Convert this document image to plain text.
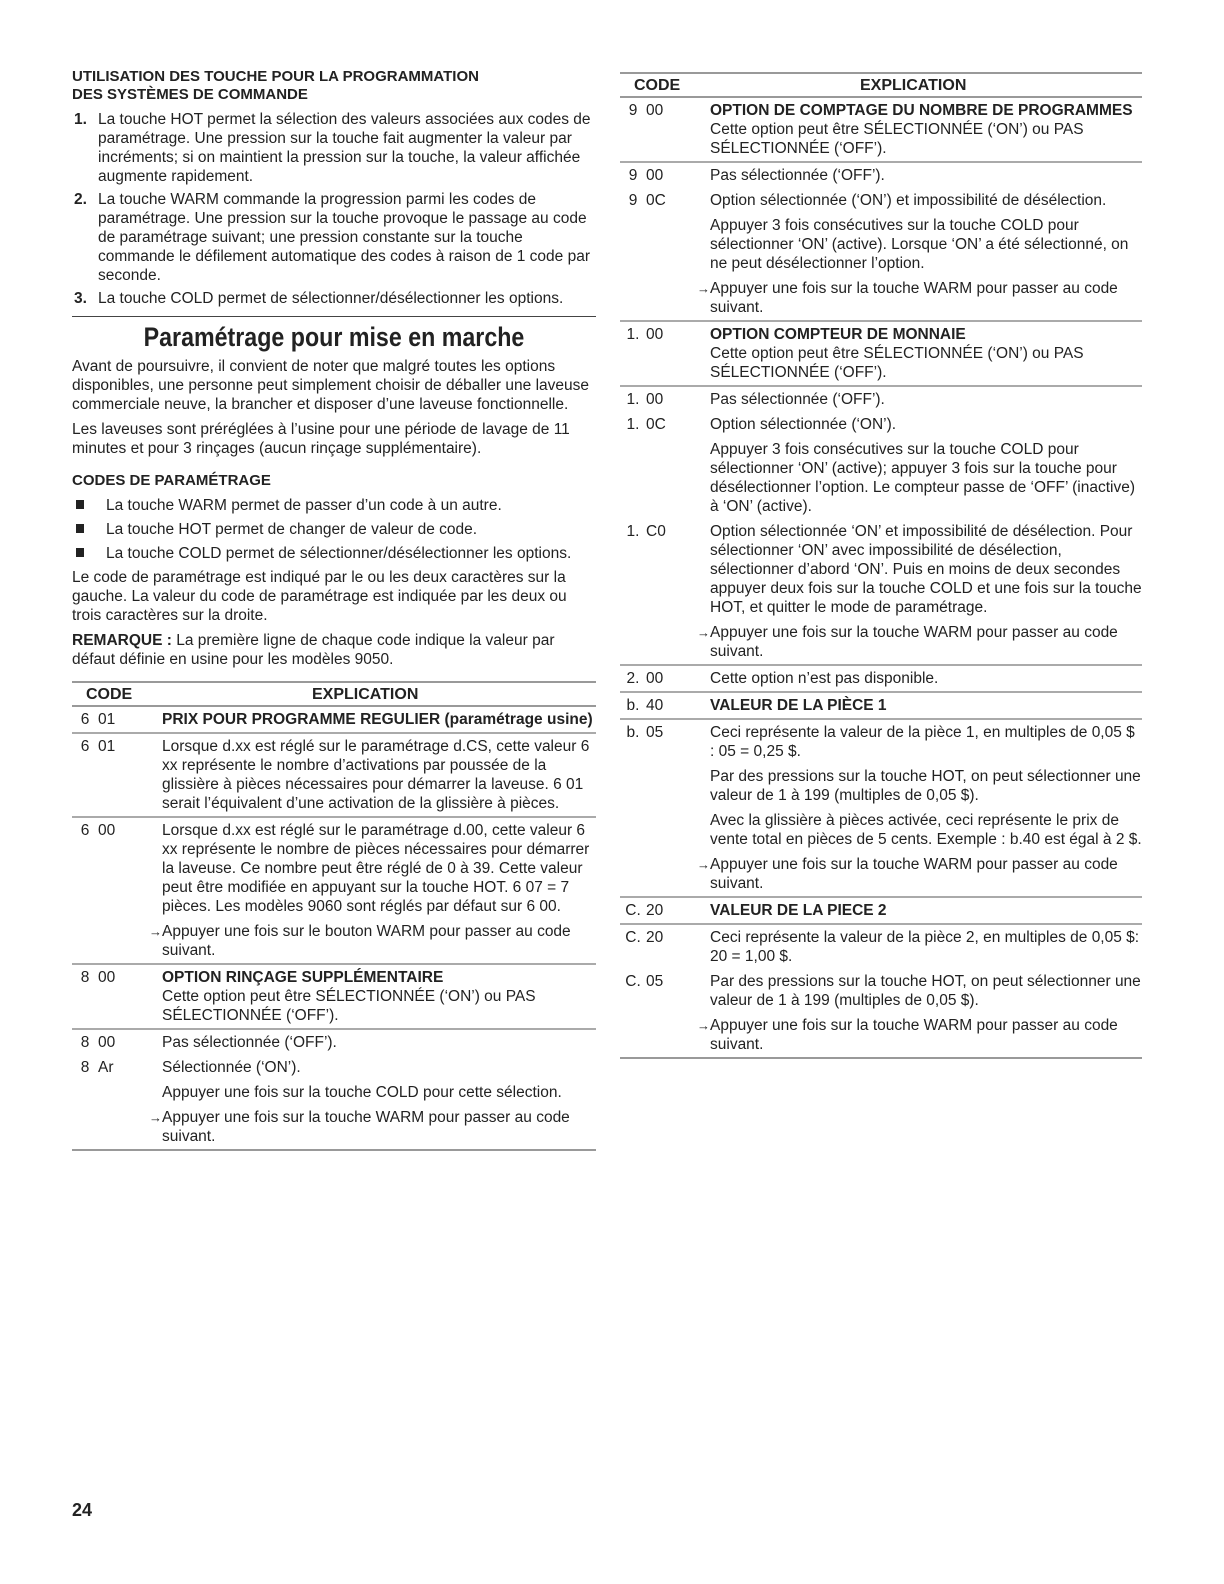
UTILISATION DES TOUCHE POUR LA PROGRAMMATION
DES SYSTÈMES DE COMMANDE
1. La touche HOT permet la sélection des valeurs associées aux codes de paramétrage. Une pression sur la touche fait augmenter la valeur par incréments; si on maintient la pression sur la touche, la valeur affichée augmente rapidement.
2. La touche WARM commande la progression parmi les codes de paramétrage. Une pression sur la touche provoque le passage au code de paramétrage suivant; une pression constante sur la touche commande le défilement automatique des codes à raison de 1 code par seconde.
3. La touche COLD permet de sélectionner/désélectionner les options.
Paramétrage pour mise en marche

Avant de poursuivre, il convient de noter que malgré toutes les options disponibles, une personne peut simplement choisir de déballer une laveuse commerciale neuve, la brancher et disposer d’une laveuse fonctionnelle.

Les laveuses sont préréglées à l’usine pour une période de lavage de 11 minutes et pour 3 rinçages (aucun rinçage supplémentaire).

CODES DE PARAMÉTRAGE
La touche WARM permet de passer d’un code à un autre.
La touche HOT permet de changer de valeur de code.
La touche COLD permet de sélectionner/désélectionner les options.

Le code de paramétrage est indiqué par le ou les deux caractères sur la gauche. La valeur du code de paramétrage est indiquée par les deux ou trois caractères sur la droite.

REMARQUE : La première ligne de chaque code indique la valeur par défaut définie en usine pour les modèles 9050.

CODE		EXPLICATION
6	01	PRIX POUR PROGRAMME REGULIER (paramétrage usine)

6	01	Lorsque d.xx est réglé sur le paramétrage d.CS, cette valeur 6 xx représente le nombre d’activations par poussée de la glissière à pièces nécessaires pour démarrer la laveuse. 6 01 serait l’équivalent d’une activation de la glissière à pièces.
6	00	Lorsque d.xx est réglé sur le paramétrage d.00, cette valeur 6 xx représente le nombre de pièces nécessaires pour démarrer la laveuse. Ce nombre peut être réglé de 0 à 39. Cette valeur peut être modifiée en appuyant sur la touche HOT. 6 07 = 7 pièces. Les modèles 9060 sont réglés par défaut sur 6 00.
	→	Appuyer une fois sur le bouton WARM pour passer au code suivant.
8	00	OPTION RINÇAGE SUPPLÉMENTAIRE
Cette option peut être SÉLECTIONNÉE (‘ON’) ou PAS SÉLECTIONNÉE (‘OFF’).
8	00	Pas sélectionnée (‘OFF’).
8	Ar	Sélectionnée (‘ON’).
		Appuyer une fois sur la touche COLD pour cette sélection.
	→	Appuyer une fois sur la touche WARM pour passer au code suivant.
CODE		EXPLICATION
9	00	OPTION DE COMPTAGE DU NOMBRE DE PROGRAMMES
Cette option peut être SÉLECTIONNÉE (‘ON’) ou PAS SÉLECTIONNÉE (‘OFF’).
9	00	Pas sélectionnée (‘OFF’).
9	0C	Option sélectionnée (‘ON’) et impossibilité de désélection.
		Appuyer 3 fois consécutives sur la touche COLD pour sélectionner ‘ON’ (active). Lorsque ‘ON’ a été sélectionné, on ne peut désélectionner l’option.
	→	Appuyer une fois sur la touche WARM pour passer au code suivant.
1.	00	OPTION COMPTEUR DE MONNAIE
Cette option peut être SÉLECTIONNÉE (‘ON’) ou PAS SÉLECTIONNÉE (‘OFF’).
1.	00	Pas sélectionnée (‘OFF’).
1.	0C	Option sélectionnée (‘ON’).
		Appuyer 3 fois consécutives sur la touche COLD pour sélectionner ‘ON’ (active); appuyer 3 fois sur la touche pour désélectionner l’option. Le compteur passe de ‘OFF’ (inactive) à ‘ON’ (active).
1.	C0	Option sélectionnée ‘ON’ et impossibilité de désélection. Pour sélectionner ‘ON’ avec impossibilité de désélection, sélectionner d’abord ‘ON’. Puis en moins de deux secondes appuyer deux fois sur la touche COLD et une fois sur la touche HOT, et quitter le mode de paramétrage.
	→	Appuyer une fois sur la touche WARM pour passer au code suivant.
2.	00	Cette option n’est pas disponible.
b.	40	VALEUR DE LA PIÈCE 1

b.	05	Ceci représente la valeur de la pièce 1, en multiples de 0,05 $ : 05 = 0,25 $.
		Par des pressions sur la touche HOT, on peut sélectionner une valeur de 1 à 199 (multiples de 0,05 $).
		Avec la glissière à pièces activée, ceci représente le prix de vente total en pièces de 5 cents. Exemple : b.40 est égal à 2 $.
	→	Appuyer une fois sur la touche WARM pour passer au code suivant.
C.	20	VALEUR DE LA PIECE 2

C.	20	Ceci représente la valeur de la pièce 2, en multiples de 0,05 $: 20 = 1,00 $.
C.	05	Par des pressions sur la touche HOT, on peut sélectionner une valeur de 1 à 199 (multiples de 0,05 $).
	→	Appuyer une fois sur la touche WARM pour passer au code suivant.
24
